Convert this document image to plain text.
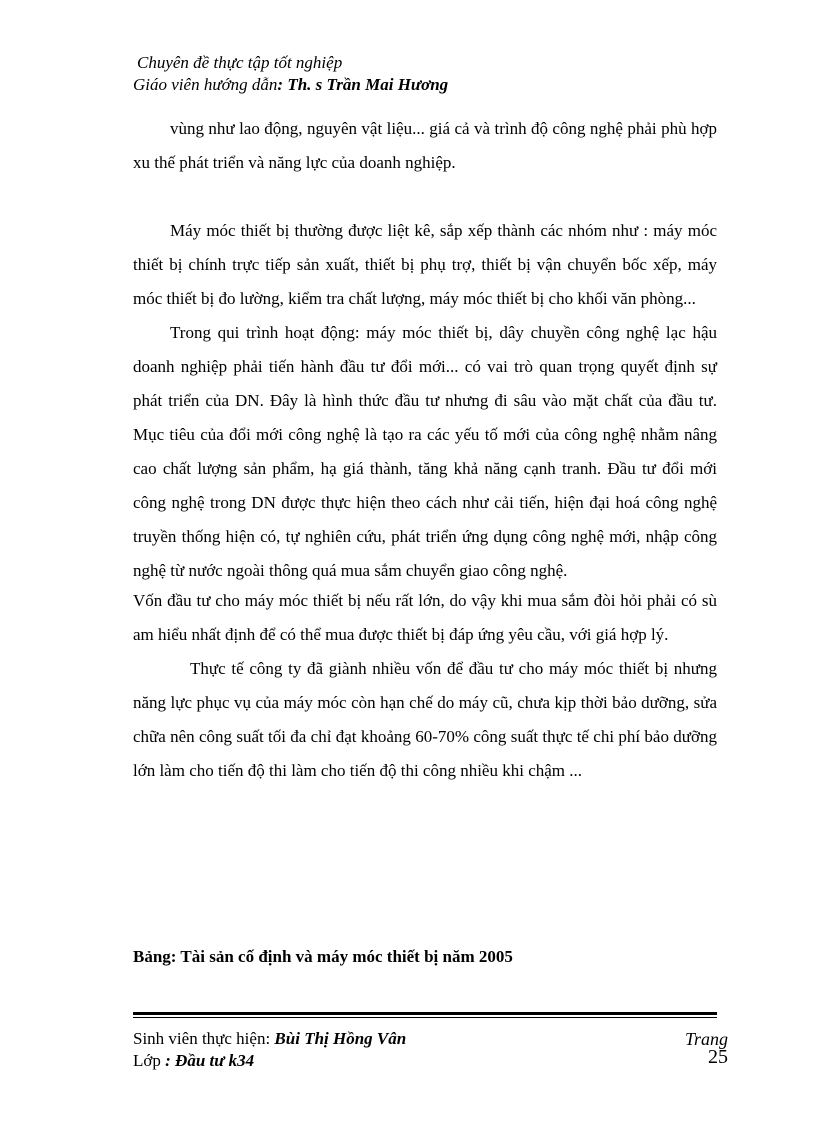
Chuyên đề thực tập tốt nghiệp
Giáo viên hướng dẫn: Th. s Trần Mai Hương

vùng như lao động, nguyên vật liệu... giá cả và trình độ công nghệ phải phù hợp xu thế phát triển và năng lực của doanh nghiệp.

Máy móc thiết bị thường được liệt kê, sắp xếp thành các nhóm như : máy móc thiết bị chính trực tiếp sản xuất, thiết bị phụ trợ, thiết bị vận chuyển bốc xếp, máy móc thiết bị đo lường, kiểm tra chất lượng, máy móc thiết bị cho khối văn phòng...

Trong qui trình hoạt động: máy móc thiết bị, dây chuyền công nghệ lạc hậu doanh nghiệp phải tiến hành đầu tư đổi mới... có vai trò quan trọng quyết định sự phát triển của DN. Đây là hình thức đầu tư nhưng đi sâu vào mặt chất của đầu tư. Mục tiêu của đổi mới công nghệ là tạo ra các yếu tố mới của công nghệ nhằm nâng cao chất lượng sản phẩm, hạ giá thành, tăng khả năng cạnh tranh. Đầu tư đổi mới công nghệ trong DN được thực hiện theo cách như cải tiến, hiện đại hoá công nghệ truyền thống hiện có, tự nghiên cứu, phát triển ứng dụng công nghệ mới, nhập công nghệ từ nước ngoài thông quá mua sắm chuyển giao công nghệ.

Vốn đầu tư cho máy móc thiết bị nếu rất lớn, do vậy khi mua sắm đòi hỏi phải có sù am hiểu nhất định để có thể mua được thiết bị đáp ứng yêu cầu, với giá hợp lý.

Thực tế công ty đã giành nhiều vốn để đầu tư cho máy móc thiết bị nhưng năng lực phục vụ của máy móc còn hạn chế do máy cũ, chưa kịp thời bảo dưỡng, sửa chữa nên công suất tối đa chỉ đạt khoảng 60-70% công suất thực tế chi phí bảo dưỡng lớn làm cho tiến độ thi làm cho tiến độ thi công nhiều khi chậm ...

Bảng: Tài sản cố định và máy móc thiết bị năm 2005
Sinh viên thực hiện: Bùi Thị Hồng Vân
Lớp : Đầu tư k34
Trang
25
